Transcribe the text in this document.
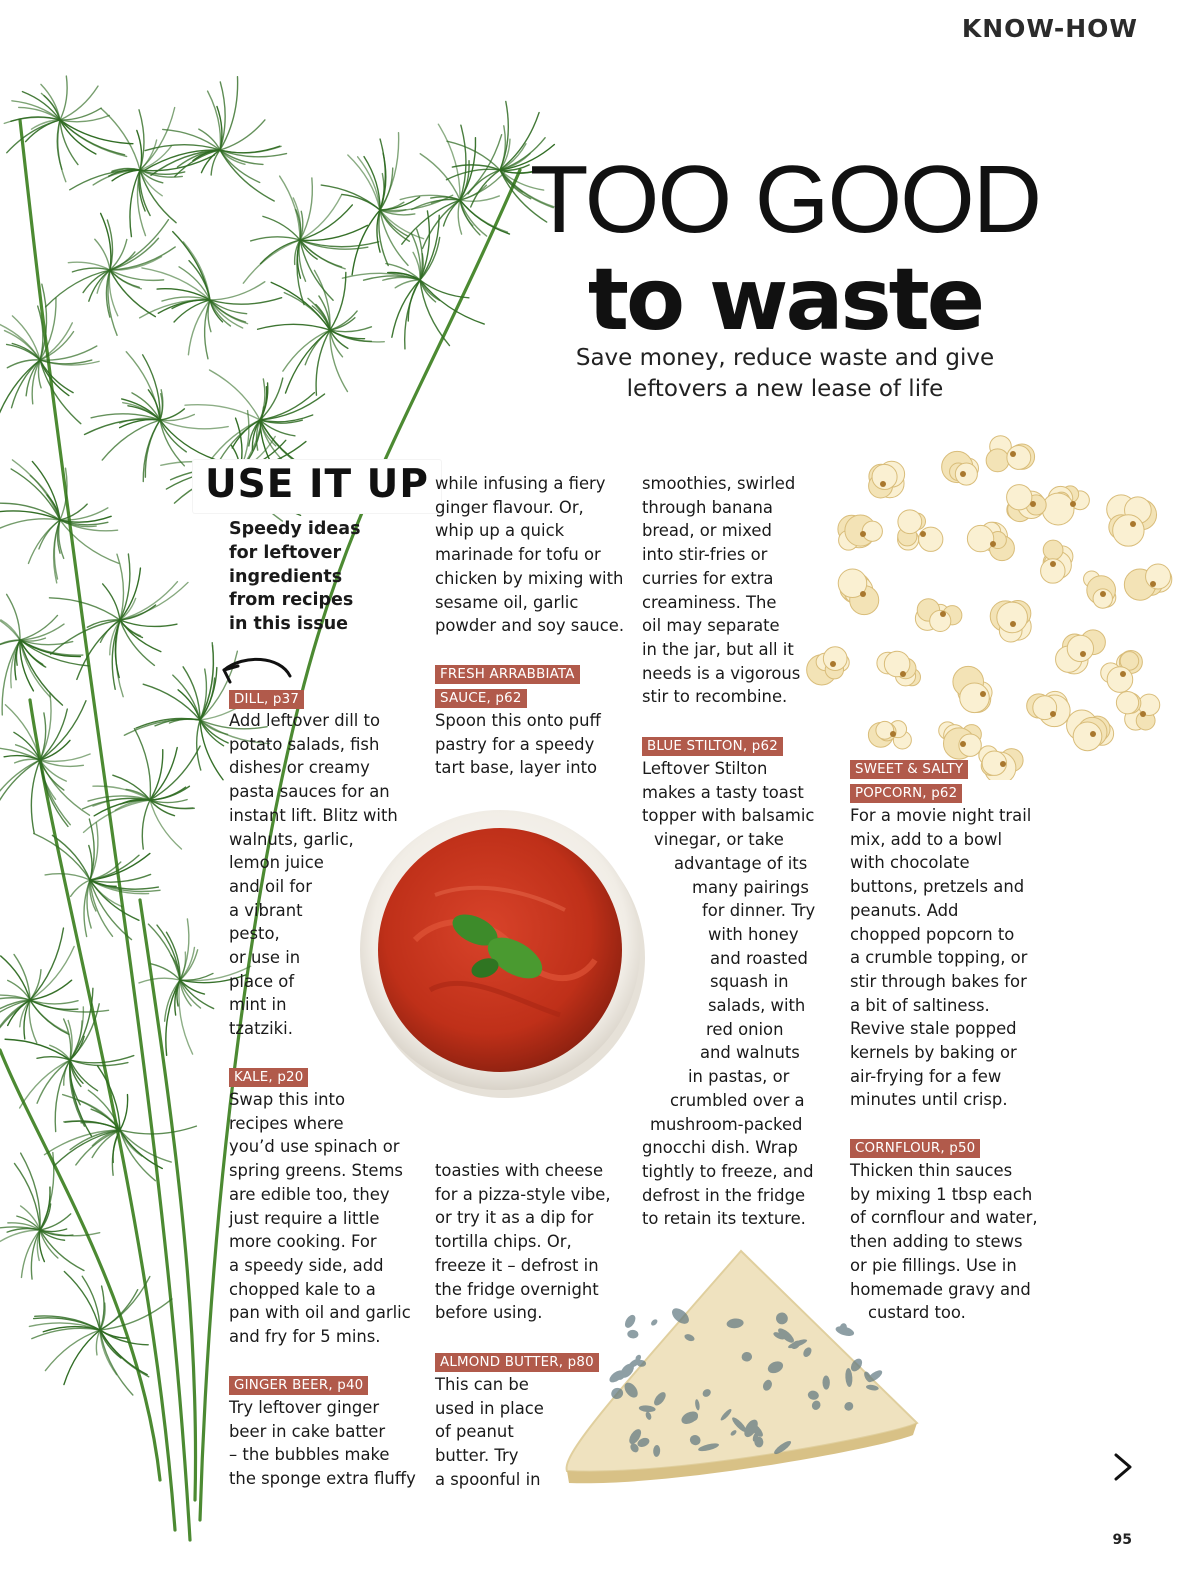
KNOW-HOW
TOO GOOD
to waste
Save money, reduce waste and give
leftovers a new lease of life
USE IT UP
Speedy ideas
for leftover
ingredients
from recipes
in this issue
DILL, p37
Add leftover dill to
potato salads, fish
dishes or creamy
pasta sauces for an
instant lift. Blitz with
walnuts, garlic,
lemon juice
and oil for
a vibrant
pesto,
or use in
place of
mint in
tzatziki.
KALE, p20
Swap this into
recipes where
you’d use spinach or
spring greens. Stems
are edible too, they
just require a little
more cooking. For
a speedy side, add
chopped kale to a
pan with oil and garlic
and fry for 5 mins.
GINGER BEER, p40
Try leftover ginger
beer in cake batter
– the bubbles make
the sponge extra fluffy
while infusing a fiery
ginger flavour. Or,
whip up a quick
marinade for tofu or
chicken by mixing with
sesame oil, garlic
powder and soy sauce.
FRESH ARRABBIATA
SAUCE, p62
Spoon this onto puff
pastry for a speedy
tart base, layer into
toasties with cheese
for a pizza-style vibe,
or try it as a dip for
tortilla chips. Or,
freeze it – defrost in
the fridge overnight
before using.
ALMOND BUTTER, p80
This can be
used in place
of peanut
butter. Try
a spoonful in
smoothies, swirled
through banana
bread, or mixed
into stir-fries or
curries for extra
creaminess. The
oil may separate
in the jar, but all it
needs is a vigorous
stir to recombine.
BLUE STILTON, p62
Leftover Stilton
makes a tasty toast
topper with balsamic
vinegar, or take
advantage of its
many pairings
for dinner. Try
with honey
and roasted
squash in
salads, with
red onion
and walnuts
in pastas, or
crumbled over a
mushroom-packed
gnocchi dish. Wrap
tightly to freeze, and
defrost in the fridge
to retain its texture.
SWEET & SALTY
POPCORN, p62
For a movie night trail
mix, add to a bowl
with chocolate
buttons, pretzels and
peanuts. Add
chopped popcorn to
a crumble topping, or
stir through bakes for
a bit of saltiness.
Revive stale popped
kernels by baking or
air-frying for a few
minutes until crisp.
CORNFLOUR, p50
Thicken thin sauces
by mixing 1 tbsp each
of cornflour and water,
then adding to stews
or pie fillings. Use in
homemade gravy and
custard too.
95
